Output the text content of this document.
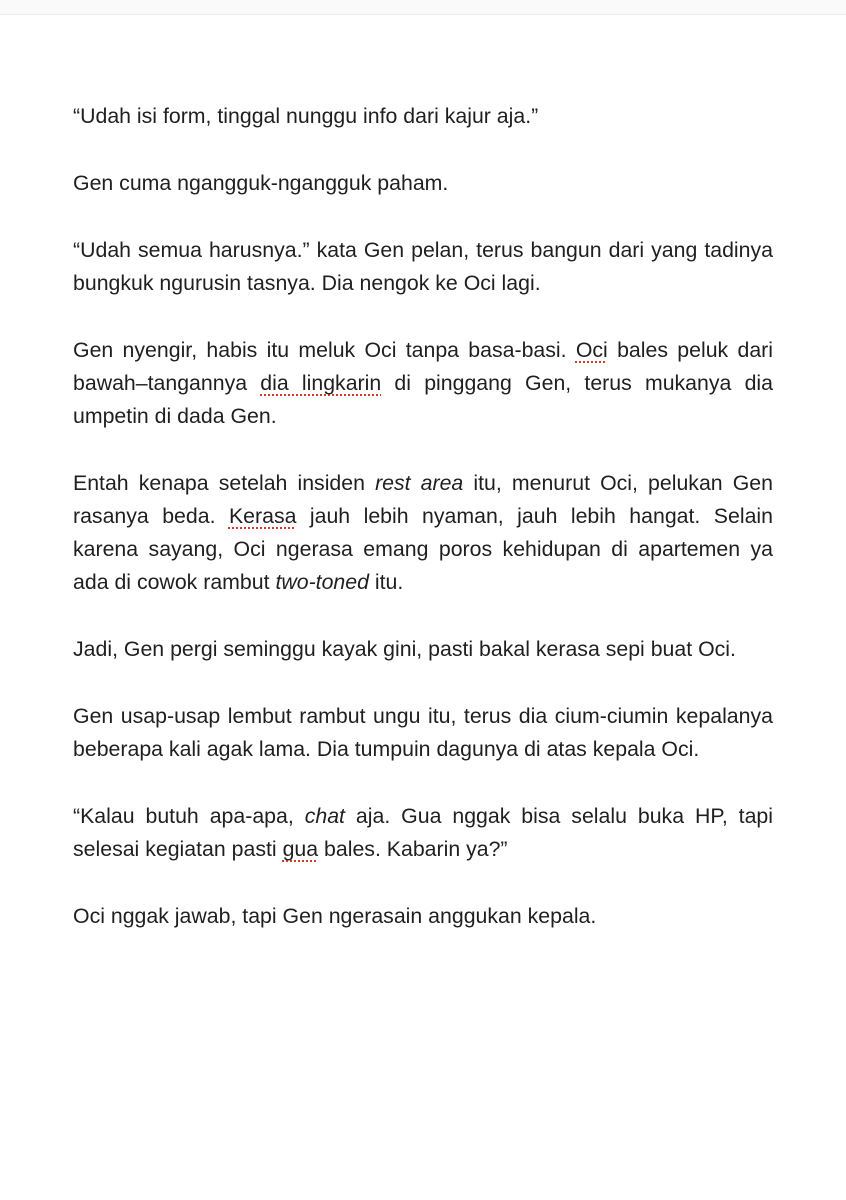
“Udah isi form, tinggal nunggu info dari kajur aja.”

Gen cuma ngangguk-ngangguk paham.

“Udah semua harusnya.” kata Gen pelan, terus bangun dari yang tadinya bungkuk ngurusin tasnya. Dia nengok ke Oci lagi.

Gen nyengir, habis itu meluk Oci tanpa basa-basi. Oci bales peluk dari bawah–tangannya dia lingkarin di pinggang Gen, terus mukanya dia umpetin di dada Gen.

Entah kenapa setelah insiden rest area itu, menurut Oci, pelukan Gen rasanya beda. Kerasa jauh lebih nyaman, jauh lebih hangat. Selain karena sayang, Oci ngerasa emang poros kehidupan di apartemen ya ada di cowok rambut two-toned itu.

Jadi, Gen pergi seminggu kayak gini, pasti bakal kerasa sepi buat Oci.

Gen usap-usap lembut rambut ungu itu, terus dia cium-ciumin kepalanya beberapa kali agak lama. Dia tumpuin dagunya di atas kepala Oci.

“Kalau butuh apa-apa, chat aja. Gua nggak bisa selalu buka HP, tapi selesai kegiatan pasti gua bales. Kabarin ya?”

Oci nggak jawab, tapi Gen ngerasain anggukan kepala.
